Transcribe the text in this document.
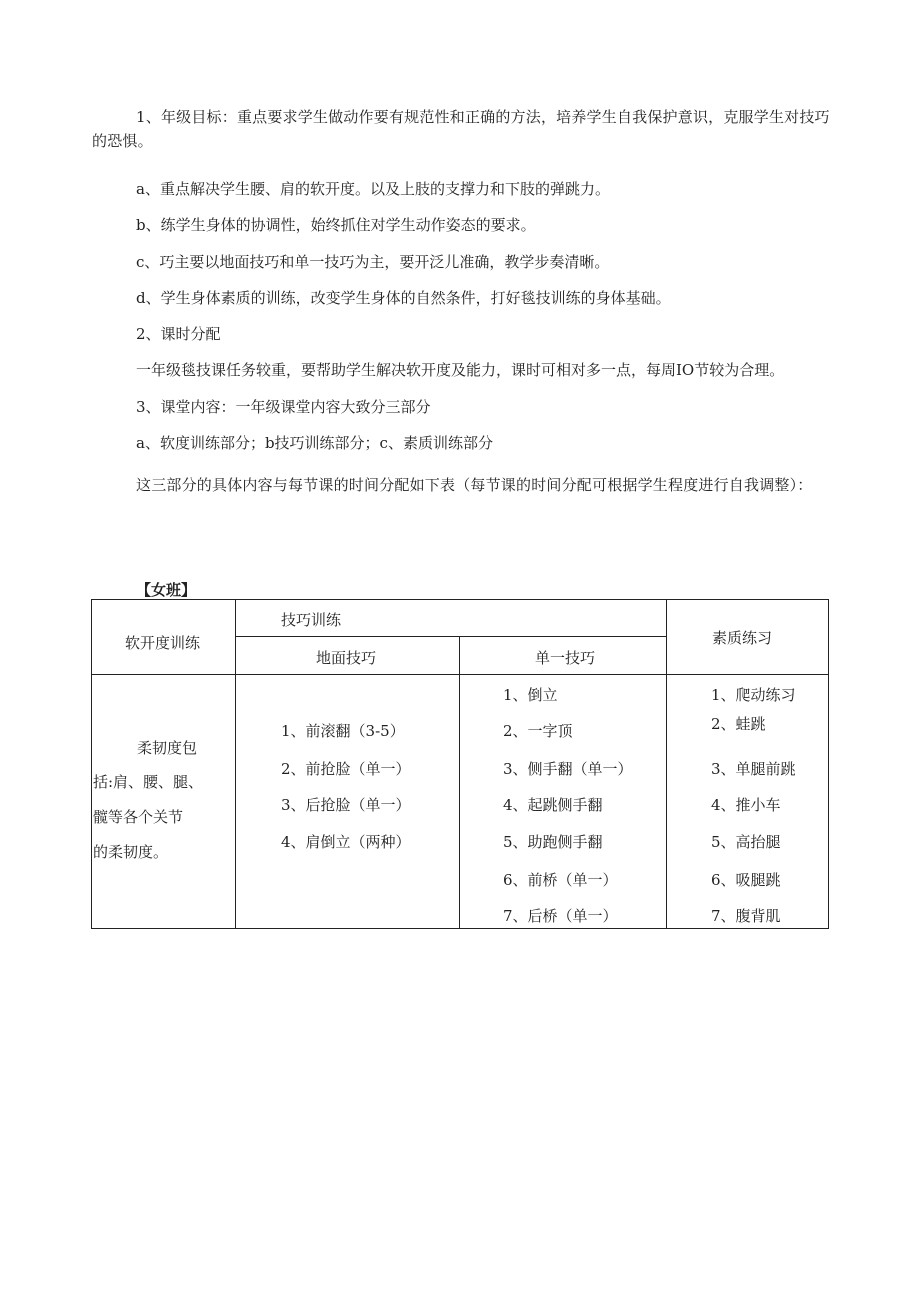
1、年级目标：重点要求学生做动作要有规范性和正确的方法，培养学生自我保护意识，克服学生对技巧的恐惧。
a、重点解决学生腰、肩的软开度。以及上肢的支撑力和下肢的弹跳力。
b、练学生身体的协调性，始终抓住对学生动作姿态的要求。
c、巧主要以地面技巧和单一技巧为主，要开泛儿准确，教学步奏清晰。
d、学生身体素质的训练，改变学生身体的自然条件，打好毯技训练的身体基础。
2、课时分配
一年级毯技课任务较重，要帮助学生解决软开度及能力，课时可相对多一点，每周IO节较为合理。
3、课堂内容：一年级课堂内容大致分三部分
a、软度训练部分；b技巧训练部分；c、素质训练部分
这三部分的具体内容与每节课的时间分配如下表（每节课的时间分配可根据学生程度进行自我调整）：
【女班】
软开度训练
技巧训练
地面技巧	单一技巧
素质练习
柔韧度包
括:肩、腰、腿、
髋等各个关节
的柔韧度。
1、前滚翻（3-5）
2、前抢脸（单一）
3、后抢脸（单一）
4、肩倒立（两种）
1、倒立
2、一字顶
3、侧手翻（单一）
4、起跳侧手翻
5、助跑侧手翻
6、前桥（单一）
7、后桥（单一）
1、爬动练习
2、蛙跳
3、单腿前跳
4、推小车
5、高抬腿
6、吸腿跳
7、腹背肌
